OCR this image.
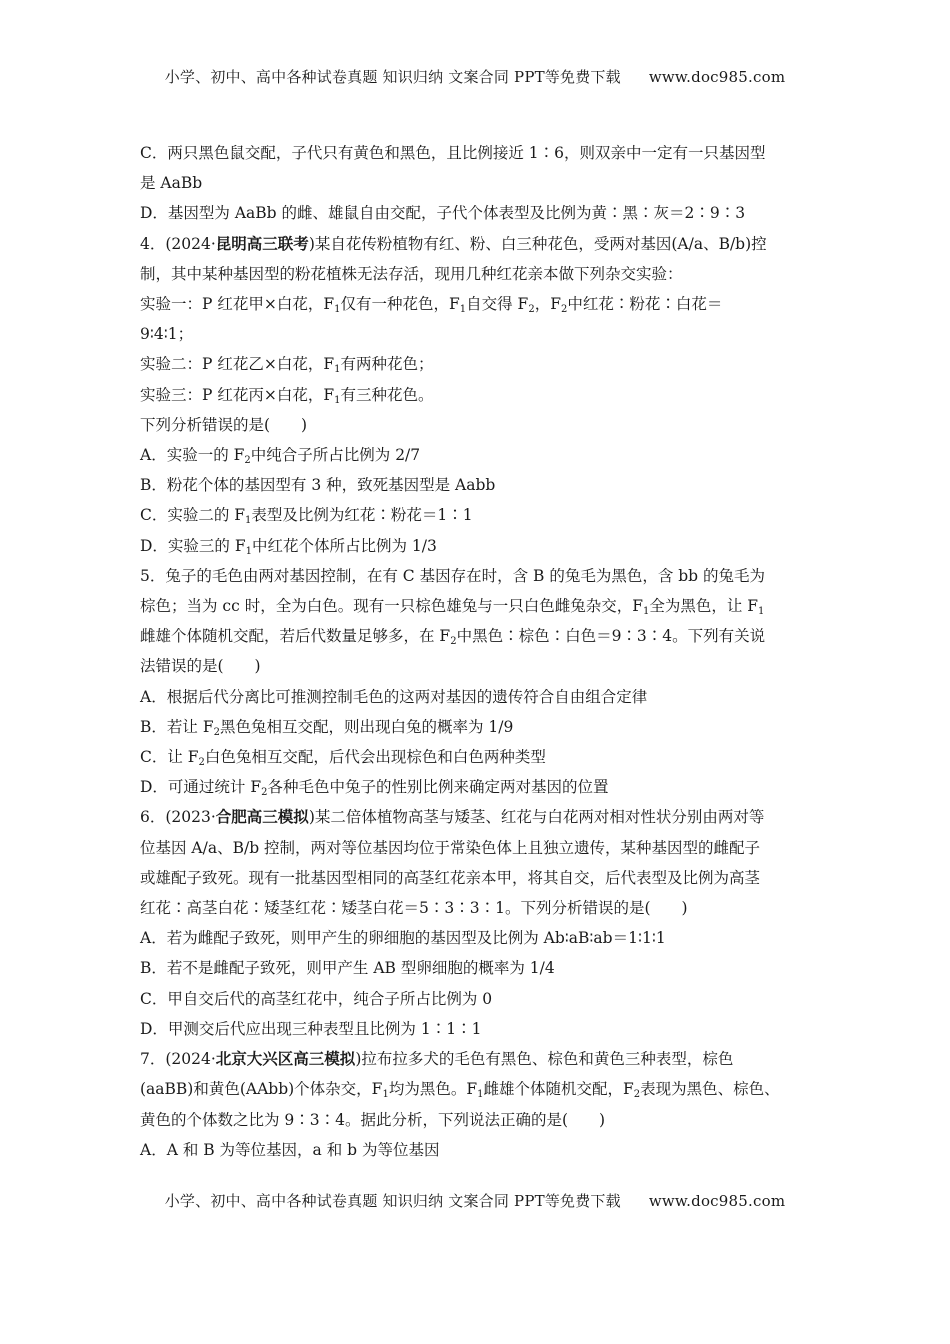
小学、初中、高中各种试卷真题 知识归纳 文案合同 PPT等免费下载 www.doc985.com
C．两只黑色鼠交配，子代只有黄色和黑色，且比例接近 1∶6，则双亲中一定有一只基因型
是 AaBb
D．基因型为 AaBb 的雌、雄鼠自由交配，子代个体表型及比例为黄∶黑∶灰＝2∶9∶3
4．(2024·昆明高三联考)某自花传粉植物有红、粉、白三种花色，受两对基因(A/a、B/b)控
制，其中某种基因型的粉花植株无法存活，现用几种红花亲本做下列杂交实验：
实验一：P 红花甲×白花，$F_1$仅有一种花色，$F_1$自交得 $F_2$，$F_2$中红花∶粉花∶白花＝
9∶4∶1；
实验二：P 红花乙×白花，$F_1$有两种花色；
实验三：P 红花丙×白花，$F_1$有三种花色。
下列分析错误的是(　　)
A．实验一的 $F_2$中纯合子所占比例为 2/7
B．粉花个体的基因型有 3 种，致死基因型是 Aabb
C．实验二的 $F_1$表型及比例为红花∶粉花＝1∶1
D．实验三的 $F_1$中红花个体所占比例为 1/3
5．兔子的毛色由两对基因控制，在有 C 基因存在时，含 B 的兔毛为黑色，含 bb 的兔毛为
棕色；当为 cc 时，全为白色。现有一只棕色雄兔与一只白色雌兔杂交，$F_1$全为黑色，让 $F_1$
雌雄个体随机交配，若后代数量足够多，在 $F_2$中黑色∶棕色∶白色＝9∶3∶4。下列有关说
法错误的是(　　)
A．根据后代分离比可推测控制毛色的这两对基因的遗传符合自由组合定律
B．若让 $F_2$黑色兔相互交配，则出现白兔的概率为 1/9
C．让 $F_2$白色兔相互交配，后代会出现棕色和白色两种类型
D．可通过统计 $F_2$各种毛色中兔子的性别比例来确定两对基因的位置
6．(2023·合肥高三模拟)某二倍体植物高茎与矮茎、红花与白花两对相对性状分别由两对等
位基因 A/a、B/b 控制，两对等位基因均位于常染色体上且独立遗传，某种基因型的雌配子
或雄配子致死。现有一批基因型相同的高茎红花亲本甲，将其自交，后代表型及比例为高茎
红花∶高茎白花∶矮茎红花∶矮茎白花＝5∶3∶3∶1。下列分析错误的是(　　)
A．若为雌配子致死，则甲产生的卵细胞的基因型及比例为 Ab∶aB∶ab＝1∶1∶1
B．若不是雌配子致死，则甲产生 AB 型卵细胞的概率为 1/4
C．甲自交后代的高茎红花中，纯合子所占比例为 0
D．甲测交后代应出现三种表型且比例为 1∶1∶1
7．(2024·北京大兴区高三模拟)拉布拉多犬的毛色有黑色、棕色和黄色三种表型，棕色
(aaBB)和黄色(AAbb)个体杂交，$F_1$均为黑色。$F_1$雌雄个体随机交配，$F_2$表现为黑色、棕色、
黄色的个体数之比为 9∶3∶4。据此分析，下列说法正确的是(　　)
A．A 和 B 为等位基因，a 和 b 为等位基因
小学、初中、高中各种试卷真题 知识归纳 文案合同 PPT等免费下载 www.doc985.com
